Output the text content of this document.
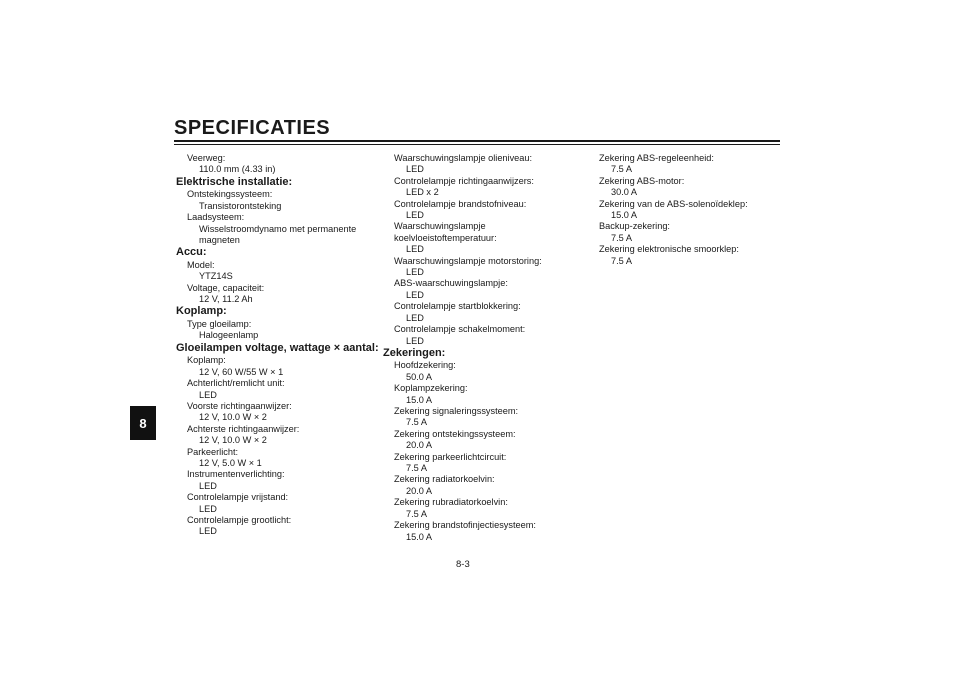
SPECIFICATIES
8
Veerweg:
110.0 mm (4.33 in)
Elektrische installatie:
Ontstekingssysteem:
Transistorontsteking
Laadsysteem:
Wisselstroomdynamo met permanente
magneten
Accu:
Model:
YTZ14S
Voltage, capaciteit:
12 V, 11.2 Ah
Koplamp:
Type gloeilamp:
Halogeenlamp
Gloeilampen voltage, wattage × aantal:
Koplamp:
12 V, 60 W/55 W × 1
Achterlicht/remlicht unit:
LED
Voorste richtingaanwijzer:
12 V, 10.0 W × 2
Achterste richtingaanwijzer:
12 V, 10.0 W × 2
Parkeerlicht:
12 V, 5.0 W × 1
Instrumentenverlichting:
LED
Controlelampje vrijstand:
LED
Controlelampje grootlicht:
LED
Waarschuwingslampje olieniveau:
LED
Controlelampje richtingaanwijzers:
LED x 2
Controlelampje brandstofniveau:
LED
Waarschuwingslampje
koelvloeistoftemperatuur:
LED
Waarschuwingslampje motorstoring:
LED
ABS-waarschuwingslampje:
LED
Controlelampje startblokkering:
LED
Controlelampje schakelmoment:
LED
Zekeringen:
Hoofdzekering:
50.0 A
Koplampzekering:
15.0 A
Zekering signaleringssysteem:
7.5 A
Zekering ontstekingssysteem:
20.0 A
Zekering parkeerlichtcircuit:
7.5 A
Zekering radiatorkoelvin:
20.0 A
Zekering rubradiatorkoelvin:
7.5 A
Zekering brandstofinjectiesysteem:
15.0 A
Zekering ABS-regeleenheid:
7.5 A
Zekering ABS-motor:
30.0 A
Zekering van de ABS-solenoïdeklep:
15.0 A
Backup-zekering:
7.5 A
Zekering elektronische smoorklep:
7.5 A
8-3
